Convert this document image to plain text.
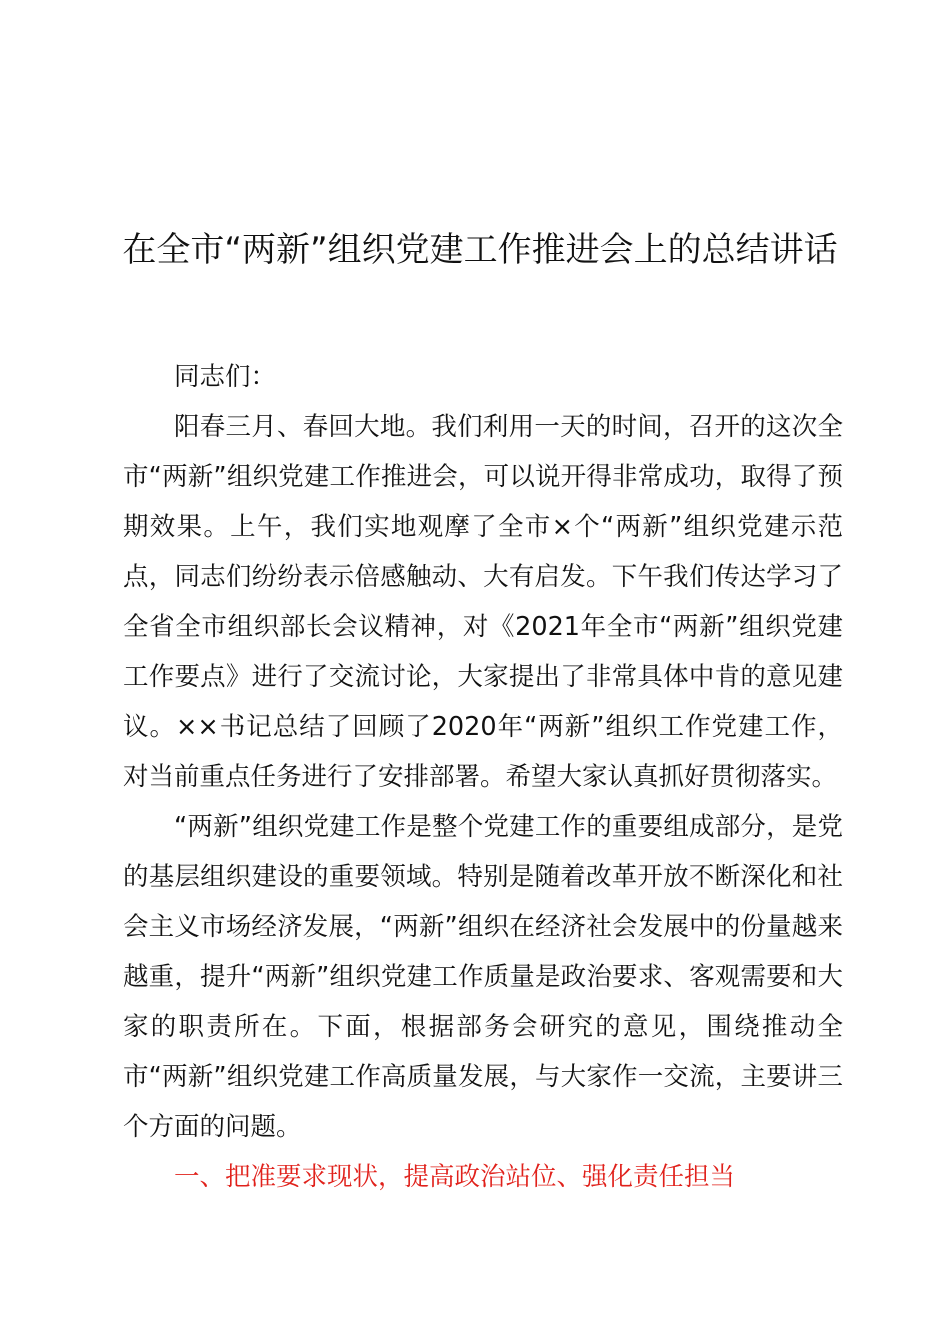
在全市“两新”组织党建工作推进会上的总结讲话

同志们：

阳春三月、春回大地。我们利用一天的时间，召开的这次全市“两新”组织党建工作推进会，可以说开得非常成功，取得了预期效果。上午，我们实地观摩了全市×个“两新”组织党建示范点，同志们纷纷表示倍感触动、大有启发。下午我们传达学习了全省全市组织部长会议精神，对《2021年全市“两新”组织党建工作要点》进行了交流讨论，大家提出了非常具体中肯的意见建议。××书记总结了回顾了2020年“两新”组织工作党建工作，对当前重点任务进行了安排部署。希望大家认真抓好贯彻落实。

“两新”组织党建工作是整个党建工作的重要组成部分，是党的基层组织建设的重要领域。特别是随着改革开放不断深化和社会主义市场经济发展，“两新”组织在经济社会发展中的份量越来越重，提升“两新”组织党建工作质量是政治要求、客观需要和大家的职责所在。下面，根据部务会研究的意见，围绕推动全市“两新”组织党建工作高质量发展，与大家作一交流，主要讲三个方面的问题。

一、把准要求现状，提高政治站位、强化责任担当
